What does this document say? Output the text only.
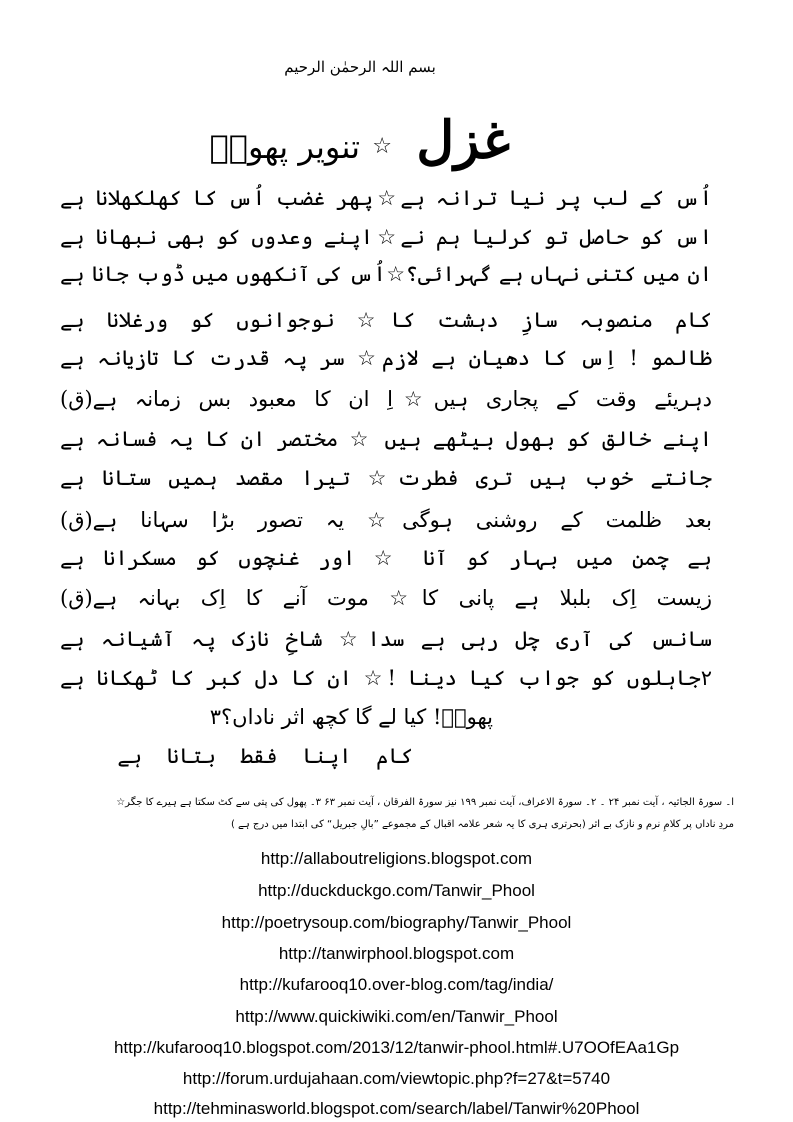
بسم اللہ الرحمٰن الرحیم
غزل
☆
تنویر پھولؔ
اُس کے لب پر نیا ترانہ ہے☆پھر غضب اُس کا کھلکھلانا ہے
اس کو حاصل تو کرلیا ہم نے☆اپنے وعدوں کو بھی نبھانا ہے
ان میں کتنی نہاں ہے گہرائی؟☆اُس کی آنکھوں میں ڈوب جانا ہے
کام منصوبہ سازِ دہشت کا☆ نوجوانوں کو ورغلانا ہے
ظالمو ! اِس کا دھیان ہے لازم☆ سر پہ قدرت کا تازیانہ ہے
دہریئے وقت کے پجاری ہیں☆اِ ان کا معبود بس زمانہ ہے(ق)
اپنے خالق کو بھول بیٹھے ہیں ☆ مختصر ان کا یہ فسانہ ہے
جانتے خوب ہیں تری فطرت☆ تیرا مقصد ہمیں ستانا ہے
بعد ظلمت کے روشنی ہوگی☆ یہ تصور بڑا سہانا ہے(ق)
ہے چمن میں بہار کو آنا ☆ اور غنچوں کو مسکرانا ہے
زیست اِک بلبلا ہے پانی کا☆ موت آنے کا اِک بہانہ ہے(ق)
سانس کی آری چل رہی ہے سدا☆ شاخِ نازک پہ آشیانہ ہے
۲جاہلوں کو جواب کیا دینا !☆ ان کا دل کبر کا ٹھکانا ہے
پھولؔ! کیا لے گا کچھ اثر ناداں؟۳
کام اپنا فقط بتانا ہے
ا۔ سورۃ الجاثیہ ، آیت نمبر ۲۴ ۔ ۲۔ سورۃ الاعراف، آیت نمبر ۱۹۹ نیز سورۃ الفرقان ، آیت نمبر ۶۳ ۳۔ پھول کی پتی سے کٹ سکتا ہے ہیرے کا جگر☆
مردِ ناداں پر کلامِ نرم و نازک بے اثر (بحرتری ہری کا یہ شعر علامہ اقبال کے مجموعے ”بالِ جبریل“ کی ابتدا میں درج ہے )
http://allaboutreligions.blogspot.com
http://duckduckgo.com/Tanwir_Phool
http://poetrysoup.com/biography/Tanwir_Phool
http://tanwirphool.blogspot.com
http://kufarooq10.over-blog.com/tag/india/
http://www.quickiwiki.com/en/Tanwir_Phool
http://kufarooq10.blogspot.com/2013/12/tanwir-phool.html#.U7OOfEAa1Gp
http://forum.urdujahaan.com/viewtopic.php?f=27&t=5740
http://tehminasworld.blogspot.com/search/label/Tanwir%20Phool
